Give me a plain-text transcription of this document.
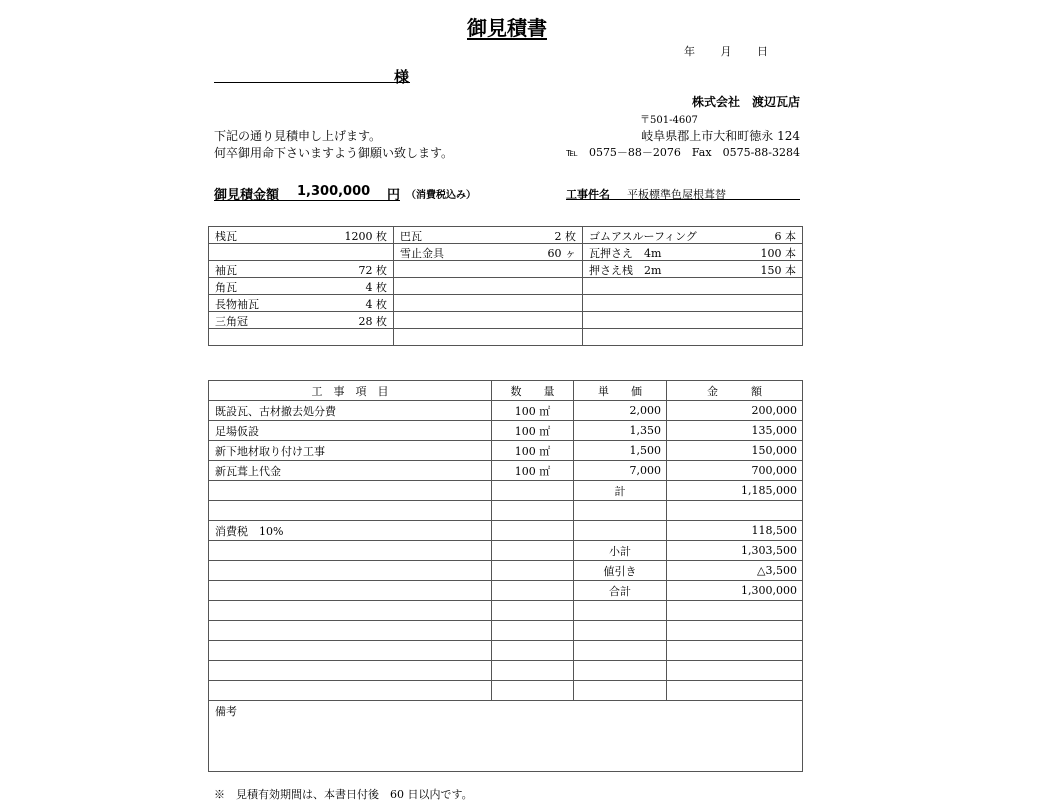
御見積書
年 月 日
様
株式会社　渡辺瓦店
〒501-4607
岐阜県郡上市大和町徳永 124
℡　0575－88－2076　Fax　0575-88-3284
下記の通り見積申し上げます。
何卒御用命下さいますよう御願い致します。
御見積金額 1,300,000 円 （消費税込み）	工事件名 平板標準色屋根葺替
桟瓦 1200 枚	巴瓦 2 枚	ゴムアスルーフィング 6 本

	雪止金具 60 ヶ	瓦押さえ　4m 100 本

袖瓦 72 枚		押さえ桟　2m 150 本

角瓦 4 枚		

長物袖瓦 4 枚		

三角冠 28 枚		

工　事　項　目	数　　量	単　　価	金　　　額
既設瓦、古材撤去処分費	100 ㎡	2,000	200,000
足場仮設	100 ㎡	1,350	135,000
新下地材取り付け工事	100 ㎡	1,500	150,000
新瓦葺上代金	100 ㎡	7,000	700,000
		計	1,185,000

消費税　10%			118,500
		小計	1,303,500
		値引き	△3,500
		合計	1,300,000

備考			
※　見積有効期間は、本書日付後　60 日以内です。
